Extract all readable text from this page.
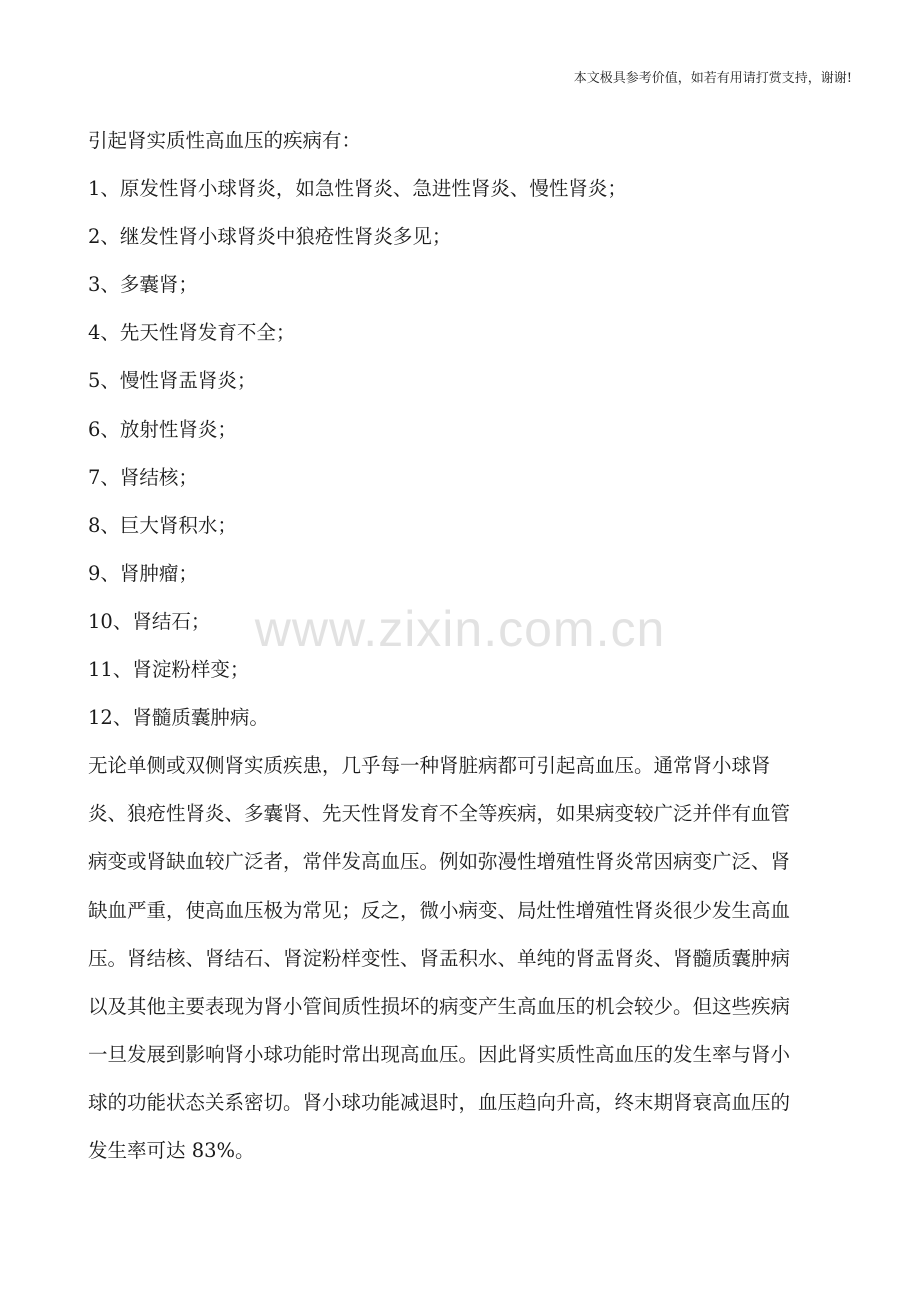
本文极具参考价值，如若有用请打赏支持，谢谢!
引起肾实质性高血压的疾病有：
1、原发性肾小球肾炎，如急性肾炎、急进性肾炎、慢性肾炎；
2、继发性肾小球肾炎中狼疮性肾炎多见；
3、多囊肾；
4、先天性肾发育不全；
5、慢性肾盂肾炎；
6、放射性肾炎；
7、肾结核；
8、巨大肾积水；
9、肾肿瘤；
10、肾结石；
11、肾淀粉样变；
12、肾髓质囊肿病。
无论单侧或双侧肾实质疾患，几乎每一种肾脏病都可引起高血压。通常肾小球肾
炎、狼疮性肾炎、多囊肾、先天性肾发育不全等疾病，如果病变较广泛并伴有血管
病变或肾缺血较广泛者，常伴发高血压。例如弥漫性增殖性肾炎常因病变广泛、肾
缺血严重，使高血压极为常见；反之，微小病变、局灶性增殖性肾炎很少发生高血
压。肾结核、肾结石、肾淀粉样变性、肾盂积水、单纯的肾盂肾炎、肾髓质囊肿病
以及其他主要表现为肾小管间质性损坏的病变产生高血压的机会较少。但这些疾病
一旦发展到影响肾小球功能时常出现高血压。因此肾实质性高血压的发生率与肾小
球的功能状态关系密切。肾小球功能减退时，血压趋向升高，终末期肾衰高血压的
发生率可达 83%。
www.zixin.com.cn
